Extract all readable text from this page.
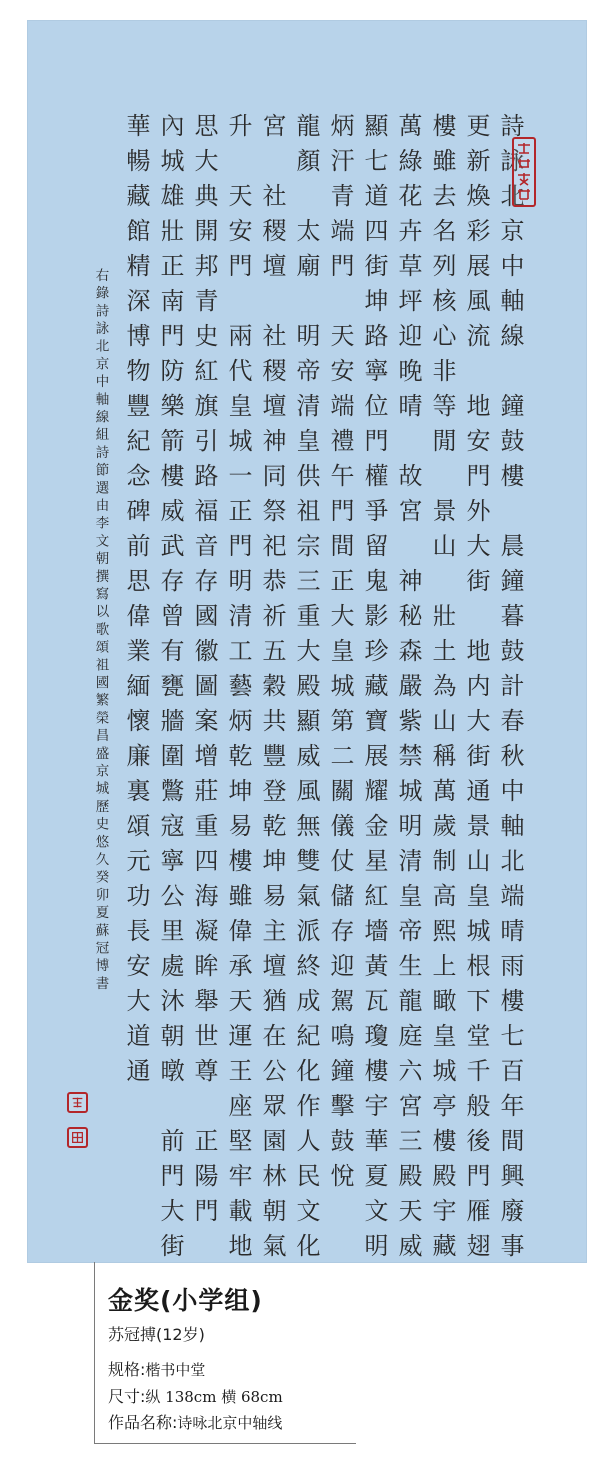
詩詠北京中軸線　鐘鼓樓　晨鐘暮鼓計春秋中軸北端晴雨樓七百年間興廢事
更新煥彩展風流　地安門外大街　地内大街通景山皇城根下堂千般後門雁翅
樓雖去名列核心非等閒　景山　壯土為山稱萬歲制高熙上瞰皇城亭樓殿宇藏
萬綠花卉草坪迎晚晴　故宮　神秘森嚴紫禁城明清皇帝生龍庭六宮三殿天威
顯七道四街坤路寧位門權爭留鬼影珍藏寶展耀金星紅墻黃瓦瓊樓宇華夏文明
炳汗青端門　天安端禮午門間正大皇城第二關儀仗儲存迎駕鳴鐘擊鼓悅
龍顏　太廟　明帝清皇供祖宗三重大殿顯威風無雙氣派終成紀化作人民文化
宮　社稷壇　社稷壇神同祭祀恭祈五穀共豐登乾坤易主壇猶在公眾園林朝氣
升　天安門　兩代皇城一正門明清工藝炳乾坤易樓雖偉承天運王座堅牢載地
思大典開邦青史紅旗引路福音存國徽圖案增莊重四海凝眸舉世尊　正陽門
內城雄壯正南門防樂箭樓威武存曾有甕牆圍鷩寇寧公里處沐朝暾　前門大街
華暢藏館精深博物豐紀念碑前思偉業緬懷廉裏頌元功長安大道通
右錄詩詠北京中軸線組詩節選由李文朝撰寫以歌頌祖國繁榮昌盛京城歷史悠久癸卯夏蘇冠博書
金奖(小学组)
苏冠搏(12岁)
规格:楷书中堂
尺寸:纵 138cm 横 68cm
作品名称:诗咏北京中轴线
